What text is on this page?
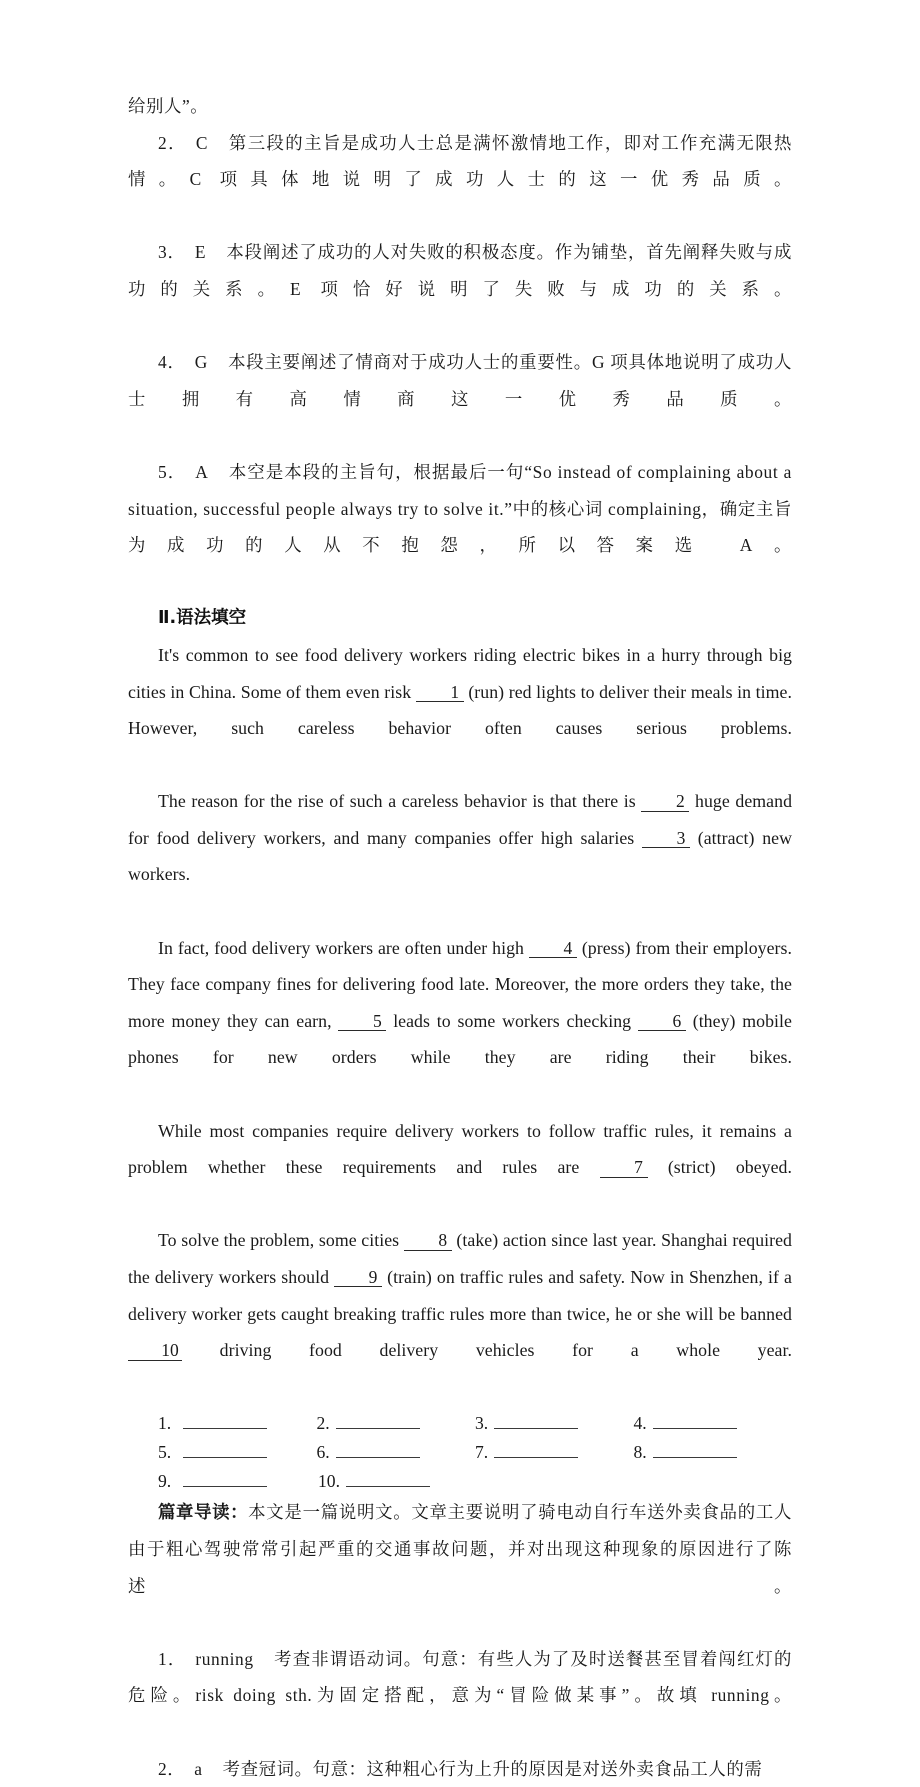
给别人”。

2． C 第三段的主旨是成功人士总是满怀激情地工作，即对工作充满无限热情。C 项具体地说明了成功人士的这一优秀品质。

3． E 本段阐述了成功的人对失败的积极态度。作为铺垫，首先阐释失败与成功的关系。E 项恰好说明了失败与成功的关系。

4． G 本段主要阐述了情商对于成功人士的重要性。G 项具体地说明了成功人士拥有高情商这一优秀品质。

5． A 本空是本段的主旨句，根据最后一句“So instead of complaining about a situation, successful people always try to solve it.”中的核心词 complaining，确定主旨为成功的人从不抱怨，所以答案选 A。

Ⅱ.语法填空

It's common to see food delivery workers riding electric bikes in a hurry through big cities in China. Some of them even risk 1 (run) red lights to deliver their meals in time. However, such careless behavior often causes serious problems.

The reason for the rise of such a careless behavior is that there is 2 huge demand for food delivery workers, and many companies offer high salaries 3 (attract) new workers.

In fact, food delivery workers are often under high 4 (press) from their employers. They face company fines for delivering food late. Moreover, the more orders they take, the more money they can earn, 5 leads to some workers checking 6 (they) mobile phones for new orders while they are riding their bikes.

While most companies require delivery workers to follow traffic rules, it remains a problem whether these requirements and rules are 7 (strict) obeyed.

To solve the problem, some cities 8 (take) action since last year. Shanghai required the delivery workers should 9 (train) on traffic rules and safety. Now in Shenzhen, if a delivery worker gets caught breaking traffic rules more than twice, he or she will be banned 10 driving food delivery vehicles for a whole year.

1.	2.	3.	4.
5.	6.	7.	8.
9.	10.

篇章导读：本文是一篇说明文。文章主要说明了骑电动自行车送外卖食品的工人由于粗心驾驶常常引起严重的交通事故问题，并对出现这种现象的原因进行了陈述。

1． running 考查非谓语动词。句意：有些人为了及时送餐甚至冒着闯红灯的危险。risk doing sth.为固定搭配，意为“冒险做某事”。故填 running。

2． a 考查冠词。句意：这种粗心行为上升的原因是对送外卖食品工人的需
